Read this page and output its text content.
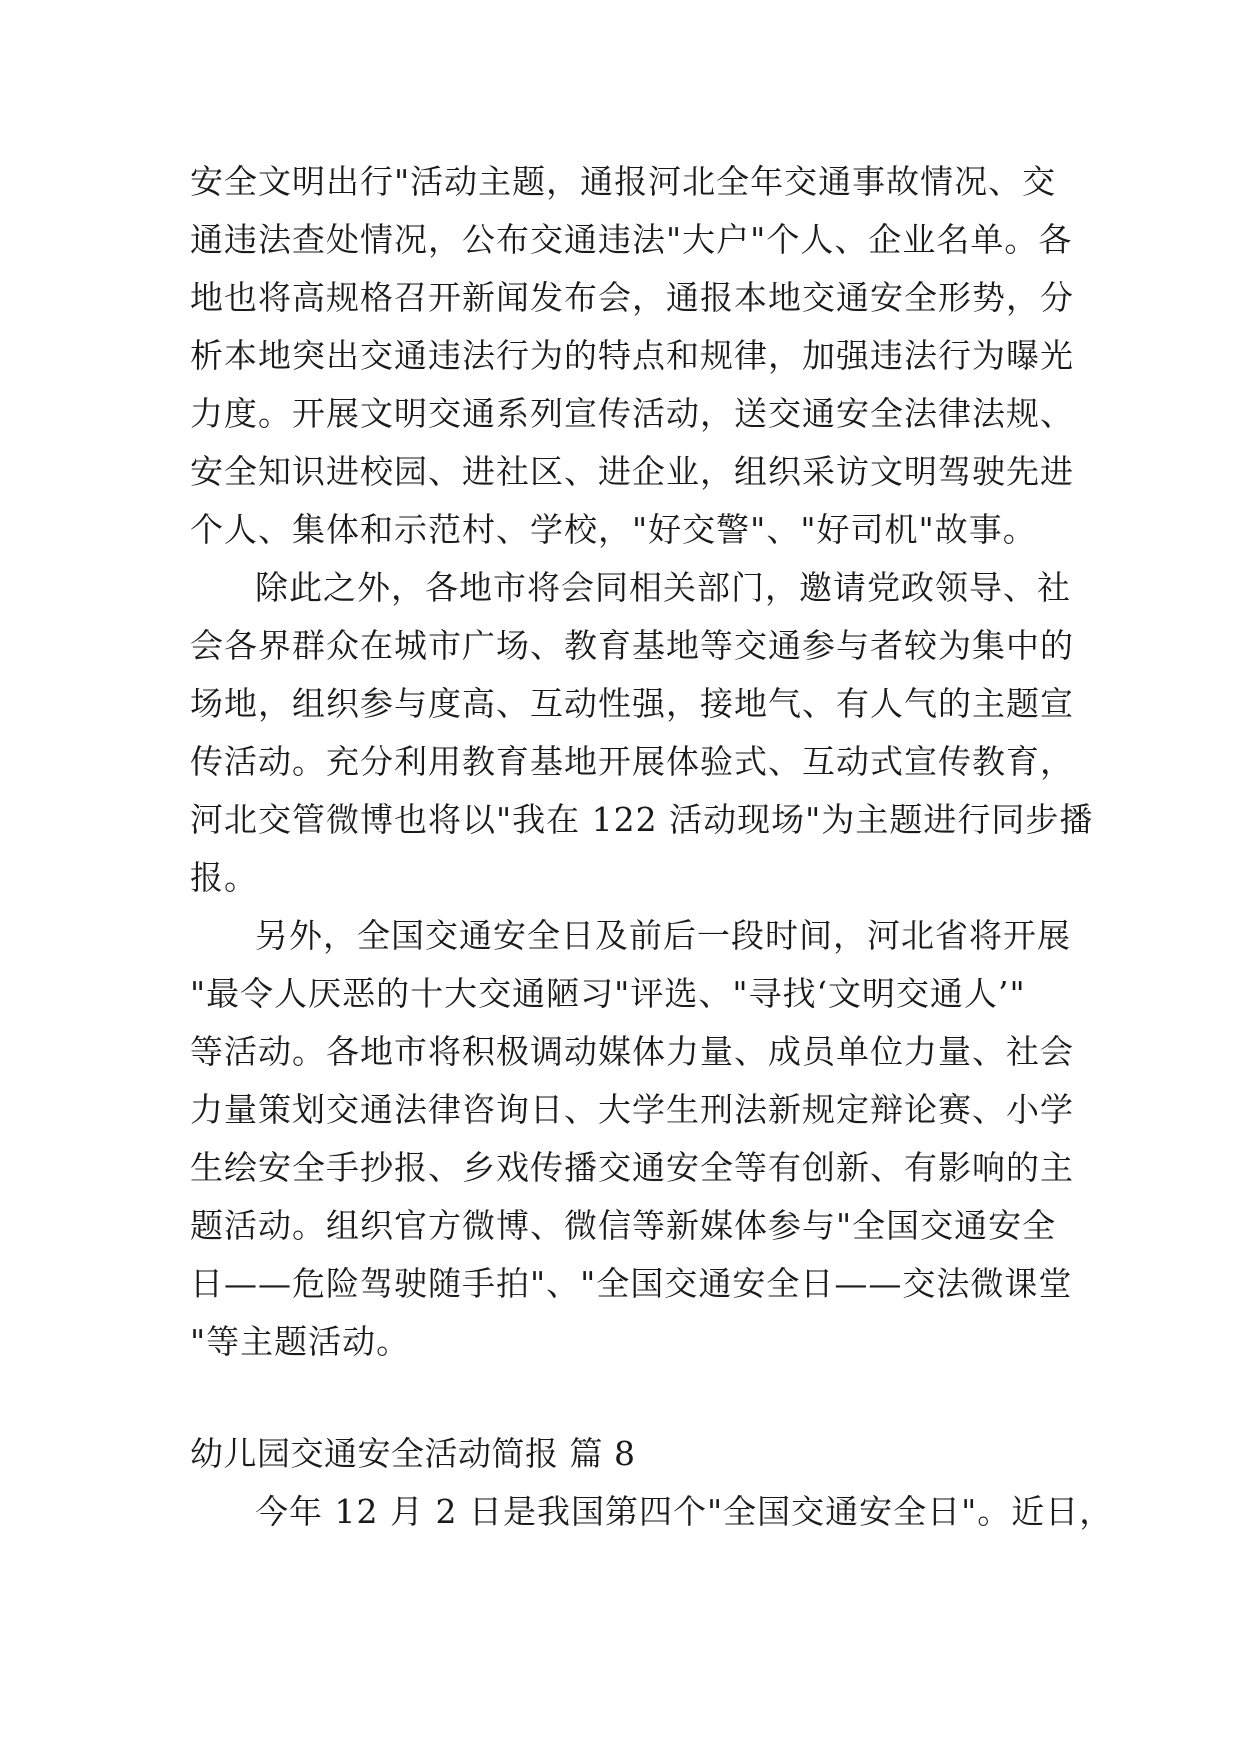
安全文明出行"活动主题，通报河北全年交通事故情况、交
通违法查处情况，公布交通违法"大户"个人、企业名单。各
地也将高规格召开新闻发布会，通报本地交通安全形势，分
析本地突出交通违法行为的特点和规律，加强违法行为曝光
力度。开展文明交通系列宣传活动，送交通安全法律法规、
安全知识进校园、进社区、进企业，组织采访文明驾驶先进
个人、集体和示范村、学校，"好交警"、"好司机"故事。
除此之外，各地市将会同相关部门，邀请党政领导、社
会各界群众在城市广场、教育基地等交通参与者较为集中的
场地，组织参与度高、互动性强，接地气、有人气的主题宣
传活动。充分利用教育基地开展体验式、互动式宣传教育，
河北交管微博也将以"我在 122 活动现场"为主题进行同步播
报。
另外，全国交通安全日及前后一段时间，河北省将开展
"最令人厌恶的十大交通陋习"评选、"寻找‘文明交通人’"
等活动。各地市将积极调动媒体力量、成员单位力量、社会
力量策划交通法律咨询日、大学生刑法新规定辩论赛、小学
生绘安全手抄报、乡戏传播交通安全等有创新、有影响的主
题活动。组织官方微博、微信等新媒体参与"全国交通安全
日——危险驾驶随手拍"、"全国交通安全日——交法微课堂
"等主题活动。
幼儿园交通安全活动简报 篇 8
今年 12 月 2 日是我国第四个"全国交通安全日"。近日，
